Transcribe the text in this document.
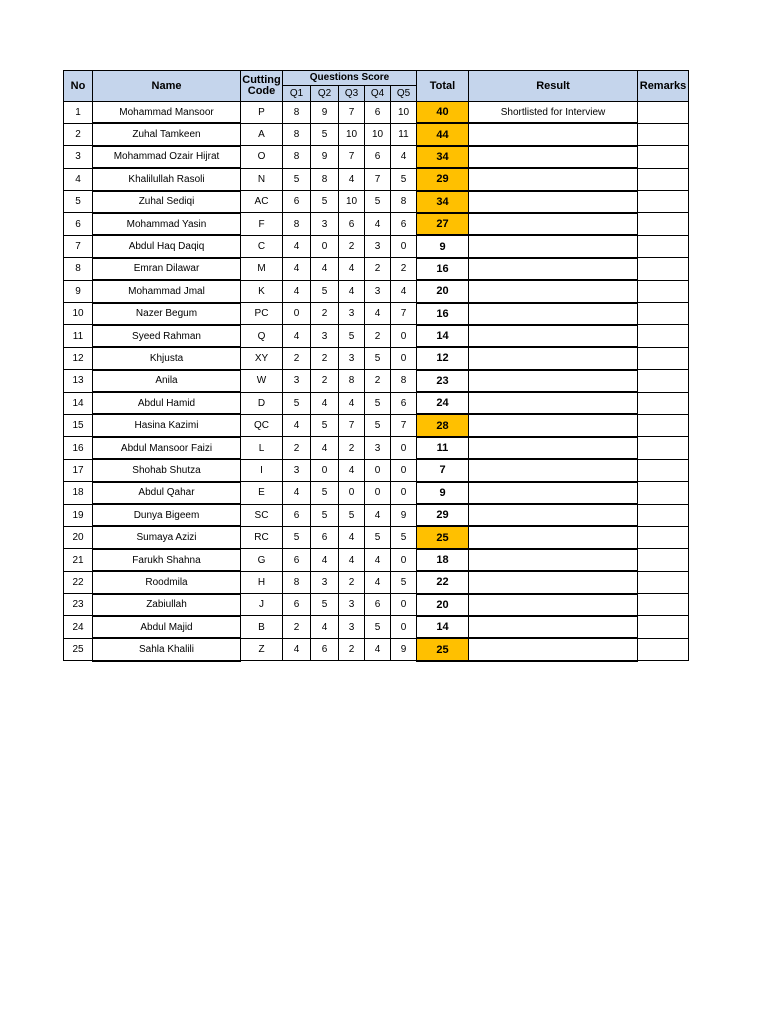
No	Name	Cutting Code	Questions Score					Total	Result	Remarks
			Q1	Q2	Q3	Q4	Q5			
1	Mohammad Mansoor	P	8	9	7	6	10	40	Shortlisted for Interview	
2	Zuhal Tamkeen	A	8	5	10	10	11	44		
3	Mohammad Ozair Hijrat	O	8	9	7	6	4	34		
4	Khalilullah Rasoli	N	5	8	4	7	5	29		
5	Zuhal Sediqi	AC	6	5	10	5	8	34		
6	Mohammad Yasin	F	8	3	6	4	6	27		
7	Abdul Haq Daqiq	C	4	0	2	3	0	9		
8	Emran Dilawar	M	4	4	4	2	2	16		
9	Mohammad Jmal	K	4	5	4	3	4	20		
10	Nazer Begum	PC	0	2	3	4	7	16		
11	Syeed Rahman	Q	4	3	5	2	0	14		
12	Khjusta	XY	2	2	3	5	0	12		
13	Anila	W	3	2	8	2	8	23		
14	Abdul Hamid	D	5	4	4	5	6	24		
15	Hasina Kazimi	QC	4	5	7	5	7	28		
16	Abdul Mansoor Faizi	L	2	4	2	3	0	11		
17	Shohab Shutza	I	3	0	4	0	0	7		
18	Abdul Qahar	E	4	5	0	0	0	9		
19	Dunya Bigeem	SC	6	5	5	4	9	29		
20	Sumaya Azizi	RC	5	6	4	5	5	25		
21	Farukh Shahna	G	6	4	4	4	0	18		
22	Roodmila	H	8	3	2	4	5	22		
23	Zabiullah	J	6	5	3	6	0	20		
24	Abdul Majid	B	2	4	3	5	0	14		
25	Sahla Khalili	Z	4	6	2	4	9	25		
